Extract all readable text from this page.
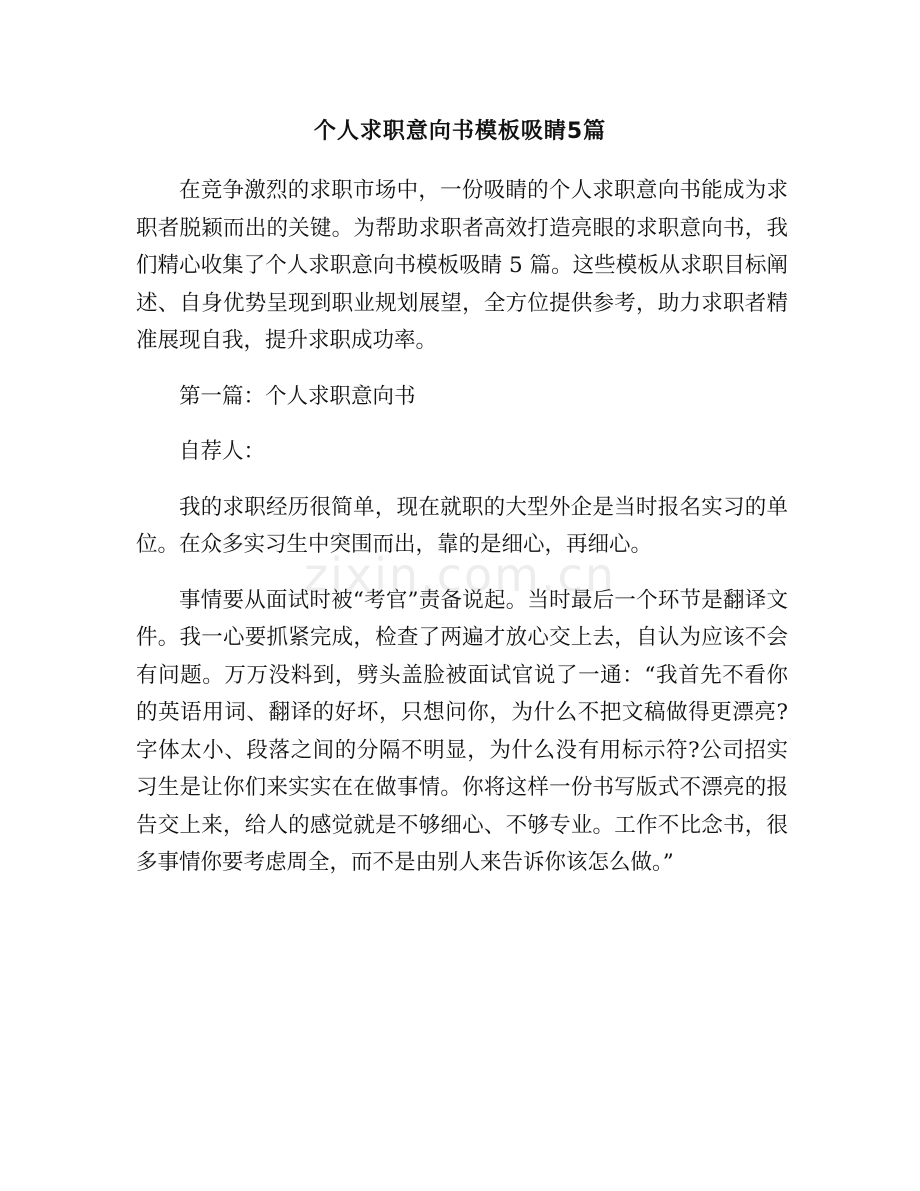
个人求职意向书模板吸睛5篇

在竞争激烈的求职市场中，一份吸睛的个人求职意向书能成为求职者脱颖而出的关键。为帮助求职者高效打造亮眼的求职意向书，我们精心收集了个人求职意向书模板吸睛 5 篇。这些模板从求职目标阐述、自身优势呈现到职业规划展望，全方位提供参考，助力求职者精准展现自我，提升求职成功率。

第一篇：个人求职意向书

自荐人：

我的求职经历很简单，现在就职的大型外企是当时报名实习的单位。在众多实习生中突围而出，靠的是细心，再细心。

事情要从面试时被“考官”责备说起。当时最后一个环节是翻译文件。我一心要抓紧完成，检查了两遍才放心交上去，自认为应该不会有问题。万万没料到，劈头盖脸被面试官说了一通：“我首先不看你的英语用词、翻译的好坏，只想问你，为什么不把文稿做得更漂亮?字体太小、段落之间的分隔不明显，为什么没有用标示符?公司招实习生是让你们来实实在在做事情。你将这样一份书写版式不漂亮的报告交上来，给人的感觉就是不够细心、不够专业。工作不比念书，很多事情你要考虑周全，而不是由别人来告诉你该怎么做。”

zixin.com.cn
